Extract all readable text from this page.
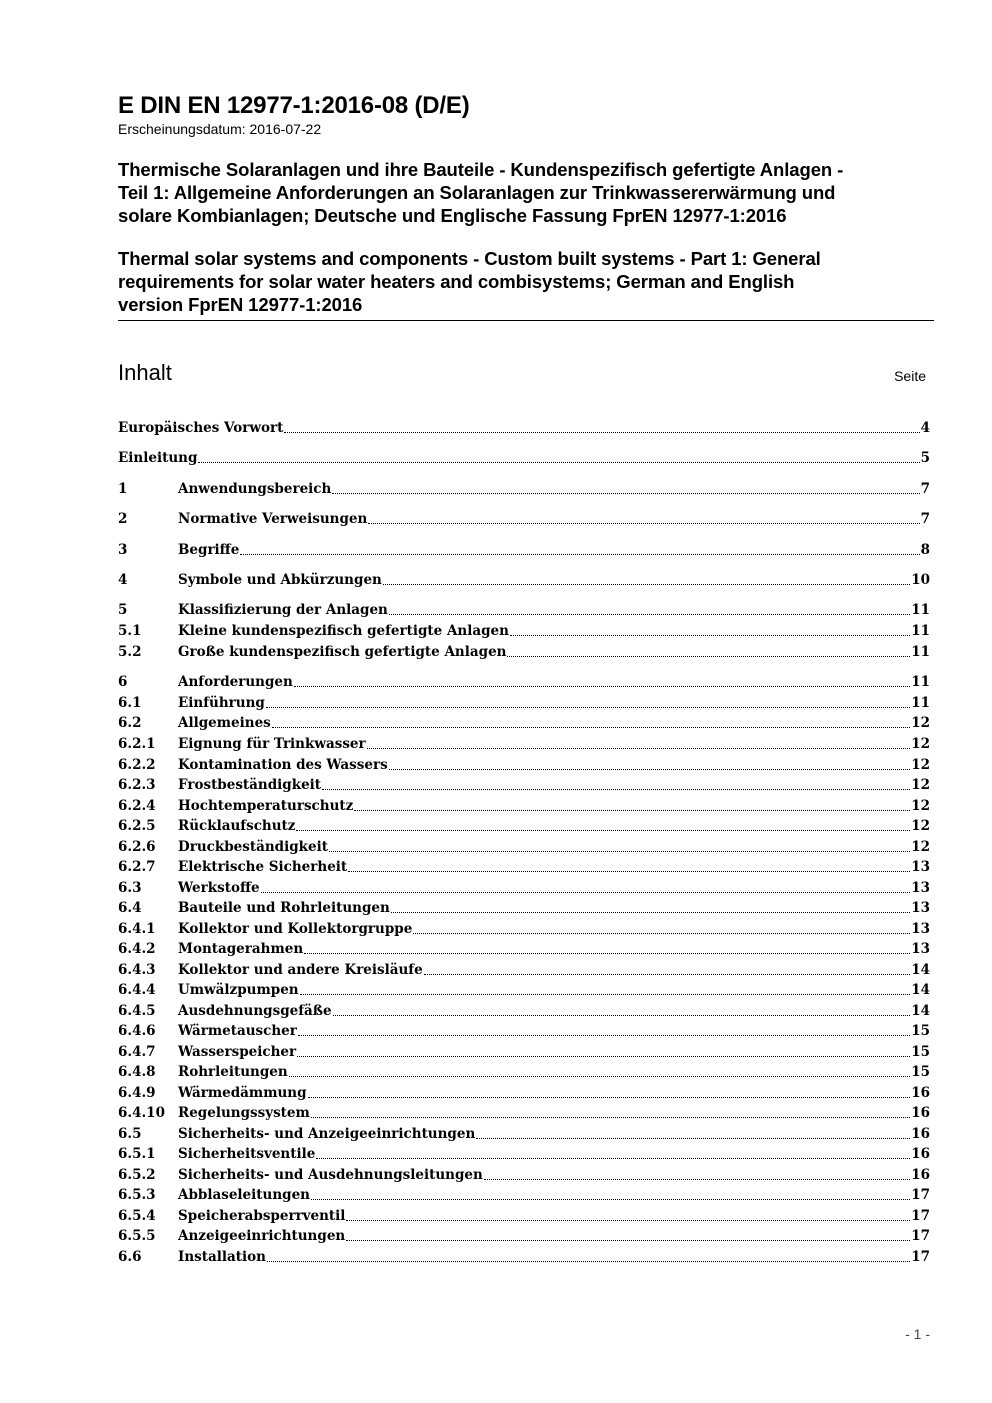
E DIN EN 12977-1:2016-08 (D/E)
Erscheinungsdatum: 2016-07-22
Thermische Solaranlagen und ihre Bauteile - Kundenspezifisch gefertigte Anlagen -
Teil 1: Allgemeine Anforderungen an Solaranlagen zur Trinkwassererwärmung und
solare Kombianlagen; Deutsche und Englische Fassung FprEN 12977-1:2016
Thermal solar systems and components - Custom built systems - Part 1: General
requirements for solar water heaters and combisystems; German and English
version FprEN 12977-1:2016
Inhalt	Seite
Europäisches Vorwort	4
Einleitung	5
1	Anwendungsbereich	7
2	Normative Verweisungen	7
3	Begriffe	8
4	Symbole und Abkürzungen	10
5	Klassifizierung der Anlagen	11
5.1	Kleine kundenspezifisch gefertigte Anlagen	11
5.2	Große kundenspezifisch gefertigte Anlagen	11
6	Anforderungen	11
6.1	Einführung	11
6.2	Allgemeines	12
6.2.1	Eignung für Trinkwasser	12
6.2.2	Kontamination des Wassers	12
6.2.3	Frostbeständigkeit	12
6.2.4	Hochtemperaturschutz	12
6.2.5	Rücklaufschutz	12
6.2.6	Druckbeständigkeit	12
6.2.7	Elektrische Sicherheit	13
6.3	Werkstoffe	13
6.4	Bauteile und Rohrleitungen	13
6.4.1	Kollektor und Kollektorgruppe	13
6.4.2	Montagerahmen	13
6.4.3	Kollektor und andere Kreisläufe	14
6.4.4	Umwälzpumpen	14
6.4.5	Ausdehnungsgefäße	14
6.4.6	Wärmetauscher	15
6.4.7	Wasserspeicher	15
6.4.8	Rohrleitungen	15
6.4.9	Wärmedämmung	16
6.4.10 Regelungssystem	16
6.5	Sicherheits- und Anzeigeeinrichtungen	16
6.5.1	Sicherheitsventile	16
6.5.2	Sicherheits- und Ausdehnungsleitungen	16
6.5.3	Abblaseleitungen	17
6.5.4	Speicherabsperrventil	17
6.5.5	Anzeigeeinrichtungen	17
6.6	Installation	17
- 1 -
